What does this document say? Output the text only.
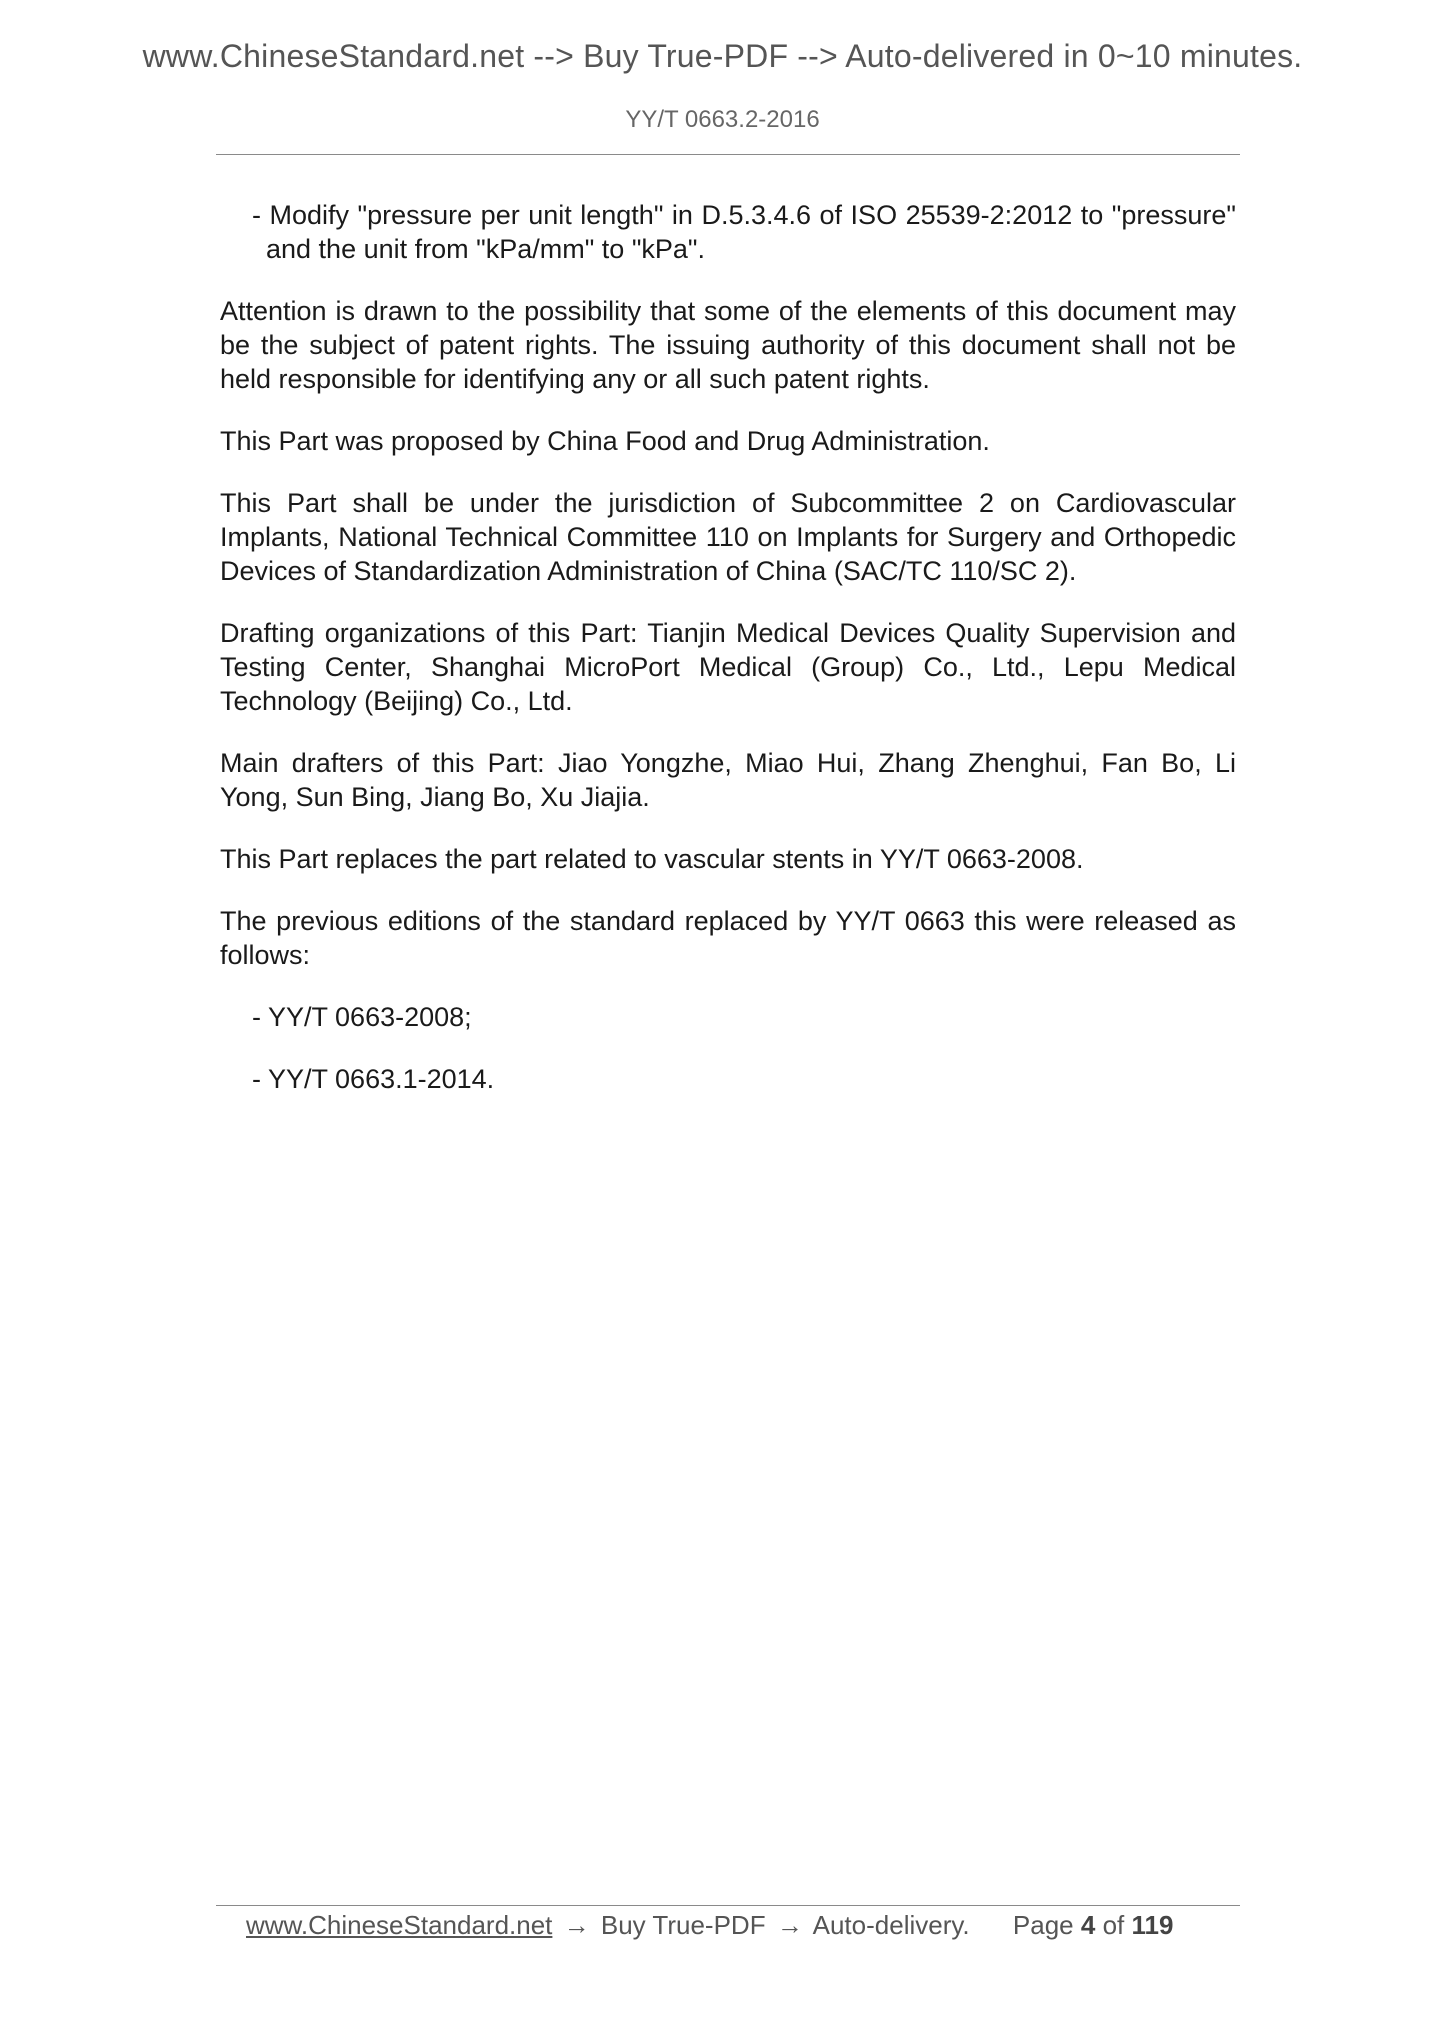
www.ChineseStandard.net --> Buy True-PDF --> Auto-delivered in 0~10 minutes.
YY/T 0663.2-2016

- Modify "pressure per unit length" in D.5.3.4.6 of ISO 25539-2:2012 to "pressure" and the unit from "kPa/mm" to "kPa".

Attention is drawn to the possibility that some of the elements of this document may be the subject of patent rights. The issuing authority of this document shall not be held responsible for identifying any or all such patent rights.

This Part was proposed by China Food and Drug Administration.

This Part shall be under the jurisdiction of Subcommittee 2 on Cardiovascular Implants, National Technical Committee 110 on Implants for Surgery and Orthopedic Devices of Standardization Administration of China (SAC/TC 110/SC 2).

Drafting organizations of this Part: Tianjin Medical Devices Quality Supervision and Testing Center, Shanghai MicroPort Medical (Group) Co., Ltd., Lepu Medical Technology (Beijing) Co., Ltd.

Main drafters of this Part: Jiao Yongzhe, Miao Hui, Zhang Zhenghui, Fan Bo, Li Yong, Sun Bing, Jiang Bo, Xu Jiajia.

This Part replaces the part related to vascular stents in YY/T 0663-2008.

The previous editions of the standard replaced by YY/T 0663 this were released as follows:

- YY/T 0663-2008;

- YY/T 0663.1-2014.

www.ChineseStandard.net → Buy True-PDF → Auto-delivery. Page 4 of 119
